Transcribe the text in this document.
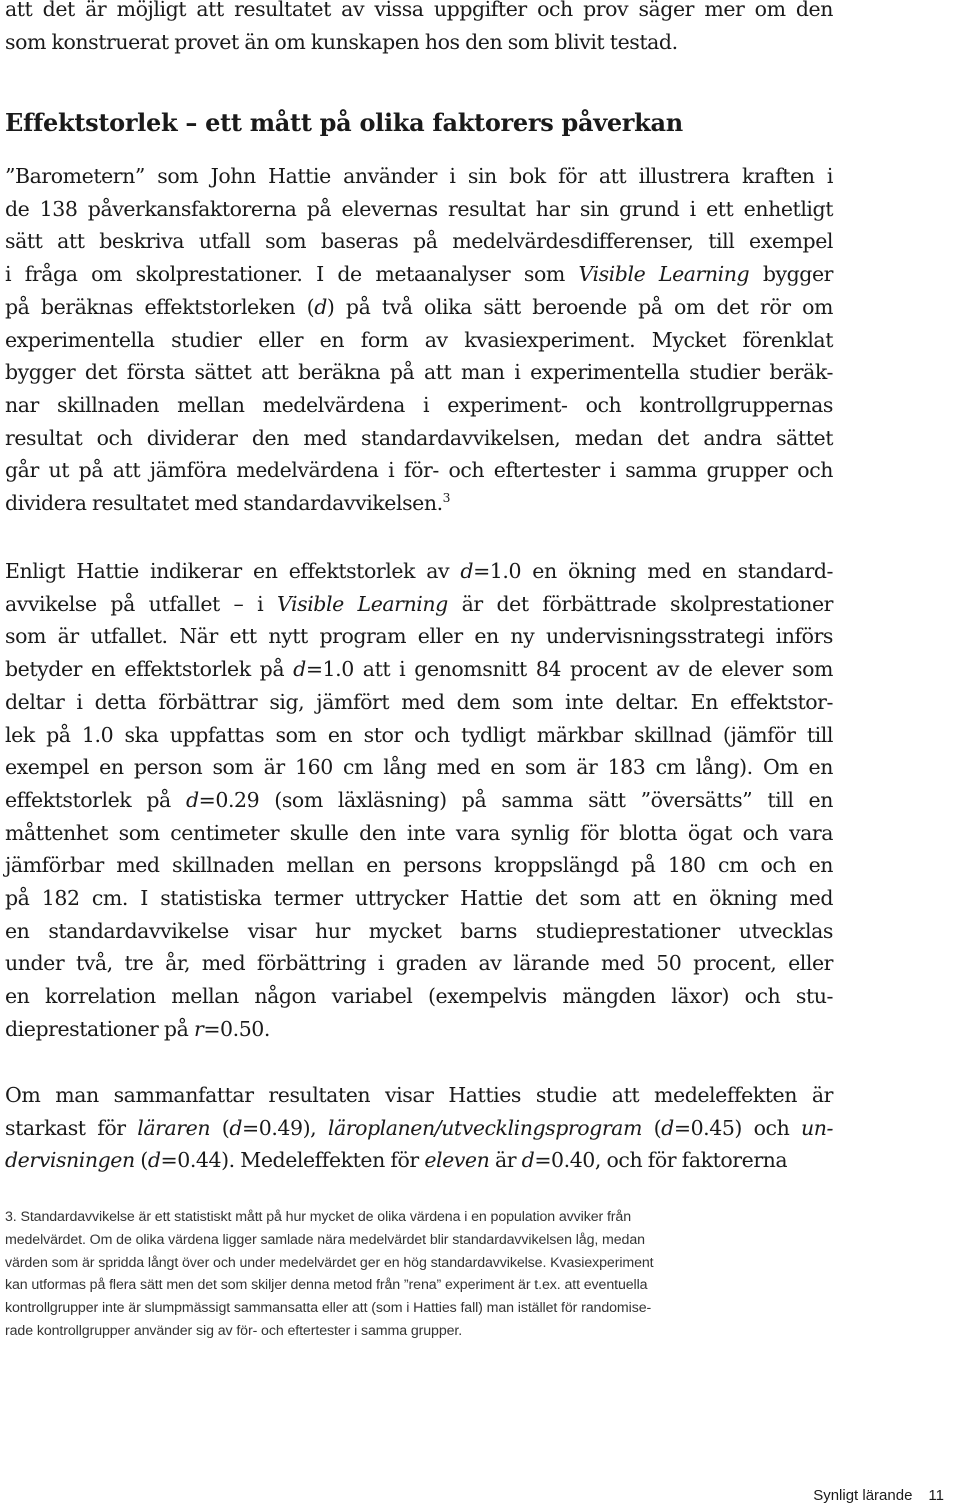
att det är möjligt att resultatet av vissa uppgifter och prov säger mer om den
som konstruerat provet än om kunskapen hos den som blivit testad.

Effektstorlek – ett mått på olika faktorers påverkan

”Barometern” som John Hattie använder i sin bok för att illustrera kraften i
de 138 påverkansfaktorerna på elevernas resultat har sin grund i ett enhetligt
sätt att beskriva utfall som baseras på medelvärdesdifferenser, till exempel
i fråga om skolprestationer. I de metaanalyser som Visible Learning bygger
på beräknas effektstorleken (d) på två olika sätt beroende på om det rör om
experimentella studier eller en form av kvasiexperiment. Mycket förenklat
bygger det första sättet att beräkna på att man i experimentella studier beräk-
nar skillnaden mellan medelvärdena i experiment- och kontrollgruppernas
resultat och dividerar den med standardavvikelsen, medan det andra sättet
går ut på att jämföra medelvärdena i för- och eftertester i samma grupper och
dividera resultatet med standardavvikelsen.$^3$

Enligt Hattie indikerar en effektstorlek av d=1.0 en ökning med en standard-
avvikelse på utfallet – i Visible Learning är det förbättrade skolprestationer
som är utfallet. När ett nytt program eller en ny undervisningsstrategi införs
betyder en effektstorlek på d=1.0 att i genomsnitt 84 procent av de elever som
deltar i detta förbättrar sig, jämfört med dem som inte deltar. En effektstor-
lek på 1.0 ska uppfattas som en stor och tydligt märkbar skillnad (jämför till
exempel en person som är 160 cm lång med en som är 183 cm lång). Om en
effektstorlek på d=0.29 (som läxläsning) på samma sätt ”översätts” till en
måttenhet som centimeter skulle den inte vara synlig för blotta ögat och vara
jämförbar med skillnaden mellan en persons kroppslängd på 180 cm och en
på 182 cm. I statistiska termer uttrycker Hattie det som att en ökning med
en standardavvikelse visar hur mycket barns studieprestationer utvecklas
under två, tre år, med förbättring i graden av lärande med 50 procent, eller
en korrelation mellan någon variabel (exempelvis mängden läxor) och stu-
dieprestationer på r=0.50.

Om man sammanfattar resultaten visar Hatties studie att medeleffekten är
starkast för läraren (d=0.49), läroplanen/utvecklingsprogram (d=0.45) och un-
dervisningen (d=0.44). Medeleffekten för eleven är d=0.40, och för faktorerna

3. Standardavvikelse är ett statistiskt mått på hur mycket de olika värdena i en population avviker från
medelvärdet. Om de olika värdena ligger samlade nära medelvärdet blir standardavvikelsen låg, medan
värden som är spridda långt över och under medelvärdet ger en hög standardavvikelse. Kvasiexperiment
kan utformas på flera sätt men det som skiljer denna metod från ”rena” experiment är t.ex. att eventuella
kontrollgrupper inte är slumpmässigt sammansatta eller att (som i Hatties fall) man istället för randomise-
rade kontrollgrupper använder sig av för- och eftertester i samma grupper.

Synligt lärande 11
